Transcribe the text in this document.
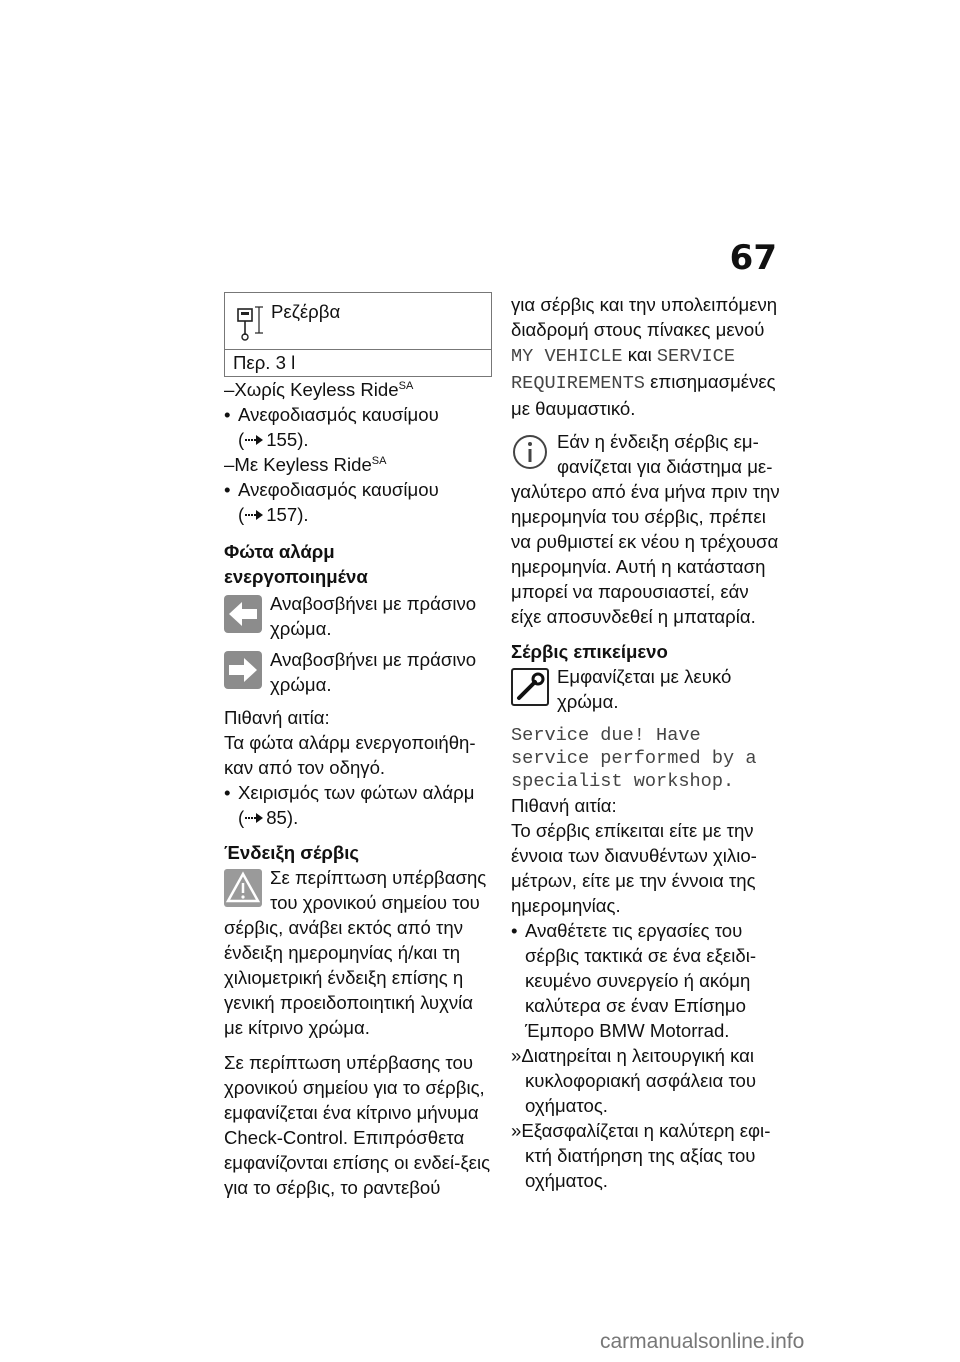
67
Ρεζέρβα
Περ. 3 l

–Χωρίς Keyless Ride$^{SA}$

• Ανεφοδιασμός καυσίμου

( 155).

–Με Keyless Ride$^{SA}$

• Ανεφοδιασμός καυσίμου

( 157).

Φώτα αλάρμ
ενεργοποιημένα

Αναβοσβήνει με πράσινο χρώμα.

Αναβοσβήνει με πράσινο χρώμα.

Πιθανή αιτία:

Τα φώτα αλάρμ ενεργοποιήθη-καν από τον οδηγό.

• Χειρισμός των φώτων αλάρμ

( 85).

Ένδειξη σέρβις

Σε περίπτωση υπέρβασης του χρονικού σημείου του σέρβις, ανάβει εκτός από την ένδειξη ημερομηνίας ή/και τη χιλιομετρική ένδειξη επίσης η γενική προειδοποιητική λυχνία με κίτρινο χρώμα.

Σε περίπτωση υπέρβασης του χρονικού σημείου για το σέρβις, εμφανίζεται ένα κίτρινο μήνυμα Check-Control. Επιπρόσθετα εμφανίζονται επίσης οι ενδεί-ξεις για το σέρβις, το ραντεβού

για σέρβις και την υπολειπόμενη διαδρομή στους πίνακες μενού MY VEHICLE και SERVICE REQUIREMENTS επισημασμένες με θαυμαστικό.

Εάν η ένδειξη σέρβις εμ-φανίζεται για διάστημα με-γαλύτερο από ένα μήνα πριν την ημερομηνία του σέρβις, πρέπει να ρυθμιστεί εκ νέου η τρέχουσα ημερομηνία. Αυτή η κατάσταση μπορεί να παρουσιαστεί, εάν είχε αποσυνδεθεί η μπαταρία.

Σέρβις επικείμενο

Εμφανίζεται με λευκό χρώμα.

Service due! Have service performed by a specialist workshop.

Πιθανή αιτία:

Το σέρβις επίκειται είτε με την έννοια των διανυθέντων χιλιο-μέτρων, είτε με την έννοια της ημερομηνίας.

• Αναθέτετε τις εργασίες του σέρβις τακτικά σε ένα εξειδι-κευμένο συνεργείο ή ακόμη καλύτερα σε έναν Επίσημο Έμπορο BMW Motorrad.

»Διατηρείται η λειτουργική και κυκλοφοριακή ασφάλεια του οχήματος.

»Εξασφαλίζεται η καλύτερη εφι-κτή διατήρηση της αξίας του οχήματος.

carmanualsonline.info
